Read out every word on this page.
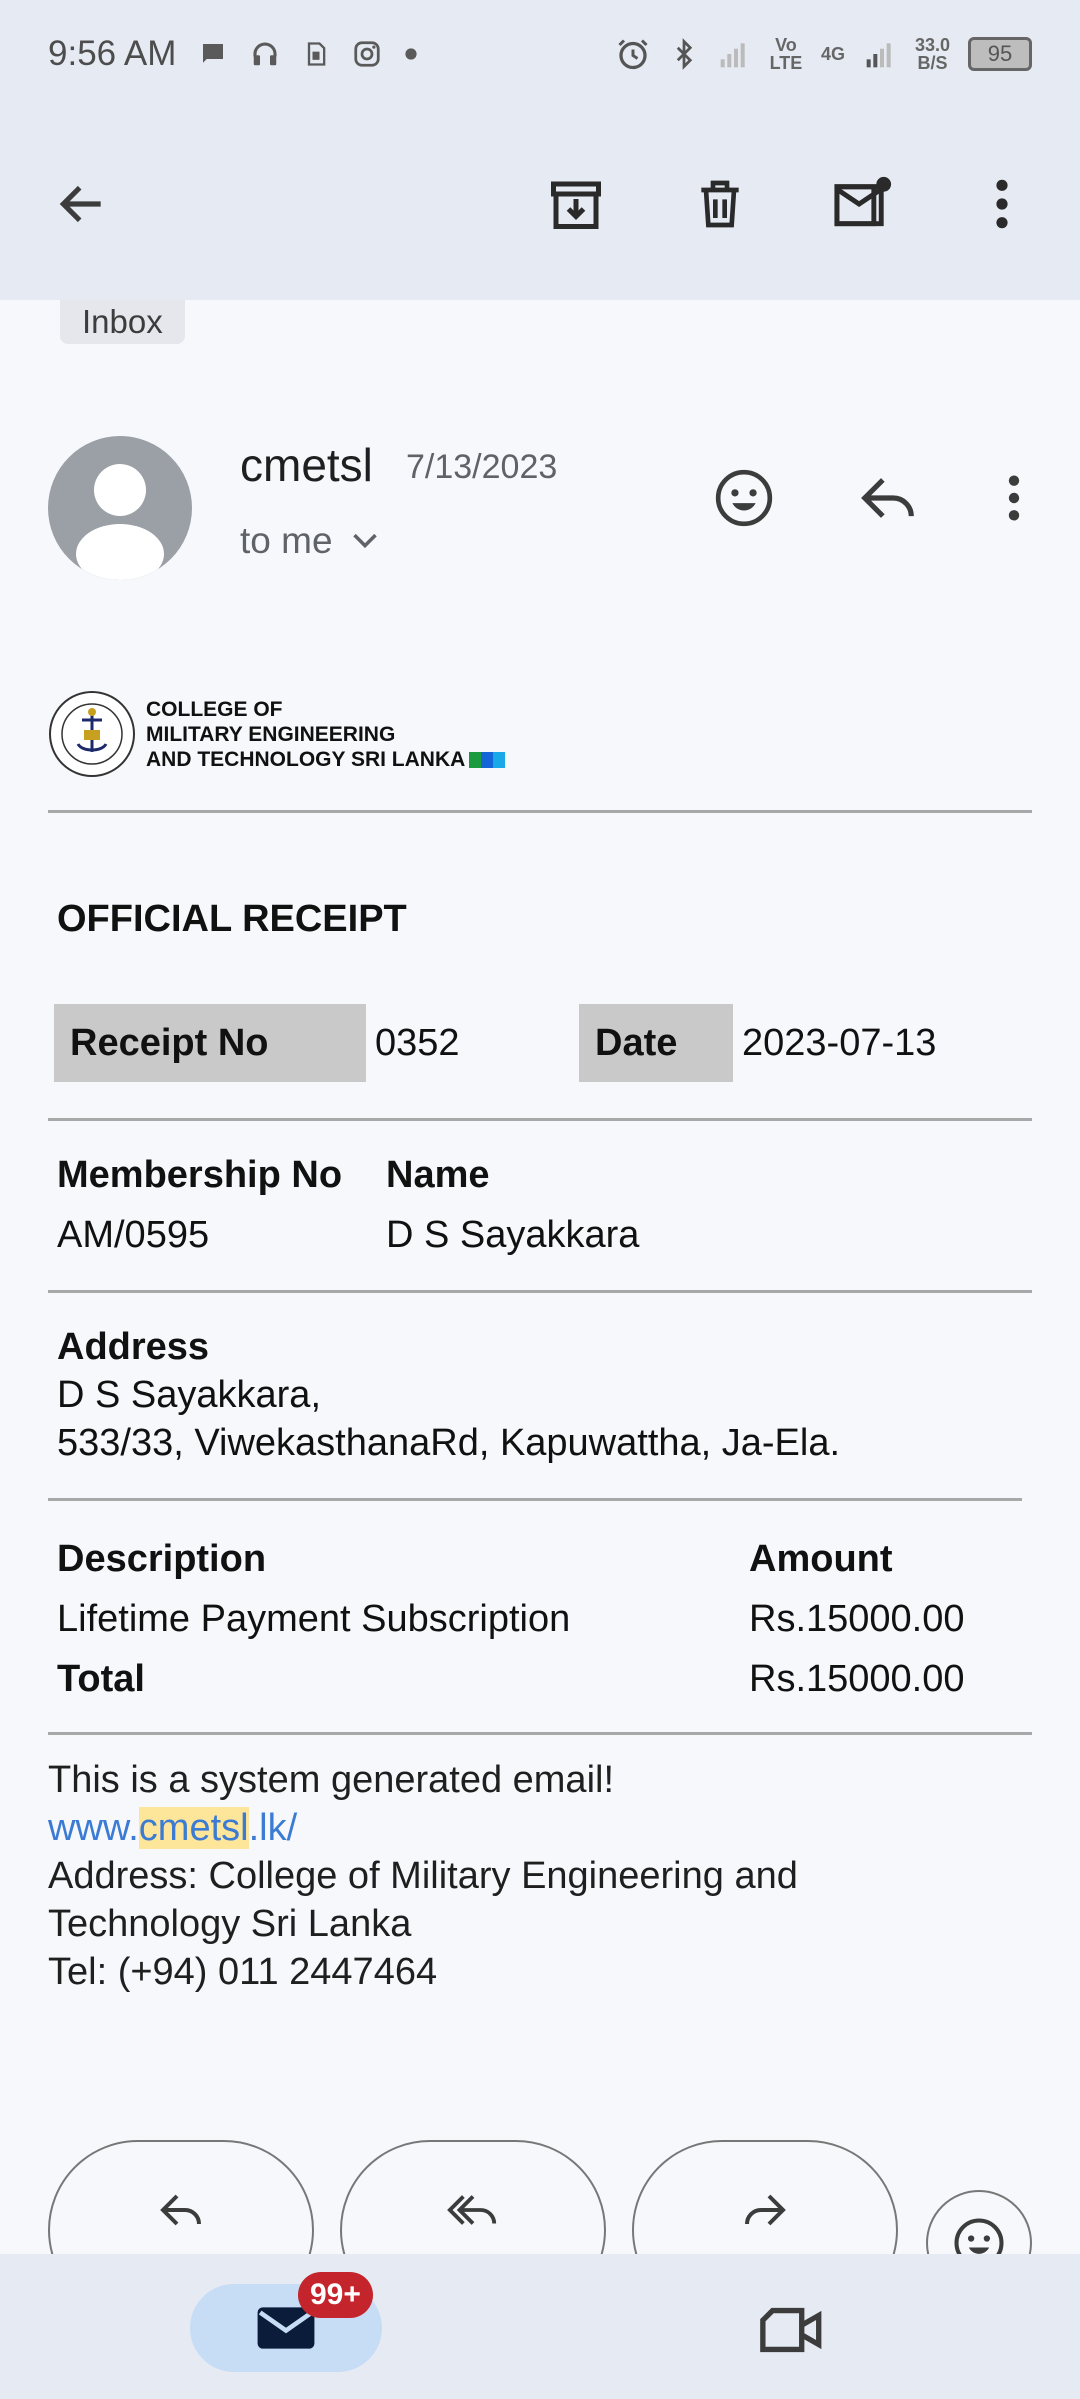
9:56 AM	Vo LTE 4G	33.0
B/S	95
Inbox
cmetsl 7/13/2023
to me
COLLEGE OF
MILITARY ENGINEERING
AND TECHNOLOGY SRI LANKA
OFFICIAL RECEIPT
Receipt No	0352	Date	2023-07-13
Membership No Name
AM/0595	D S Sayakkara
Address
D S Sayakkara,
533/33, ViwekasthanaRd, Kapuwattha, Ja-Ela.
Description	Amount
Lifetime Payment Subscription	Rs.15000.00
Total	Rs.15000.00
This is a system generated email!
www.cmetsl.lk/
Address: College of Military Engineering and
Technology Sri Lanka
Tel: (+94) 011 2447464
99+
